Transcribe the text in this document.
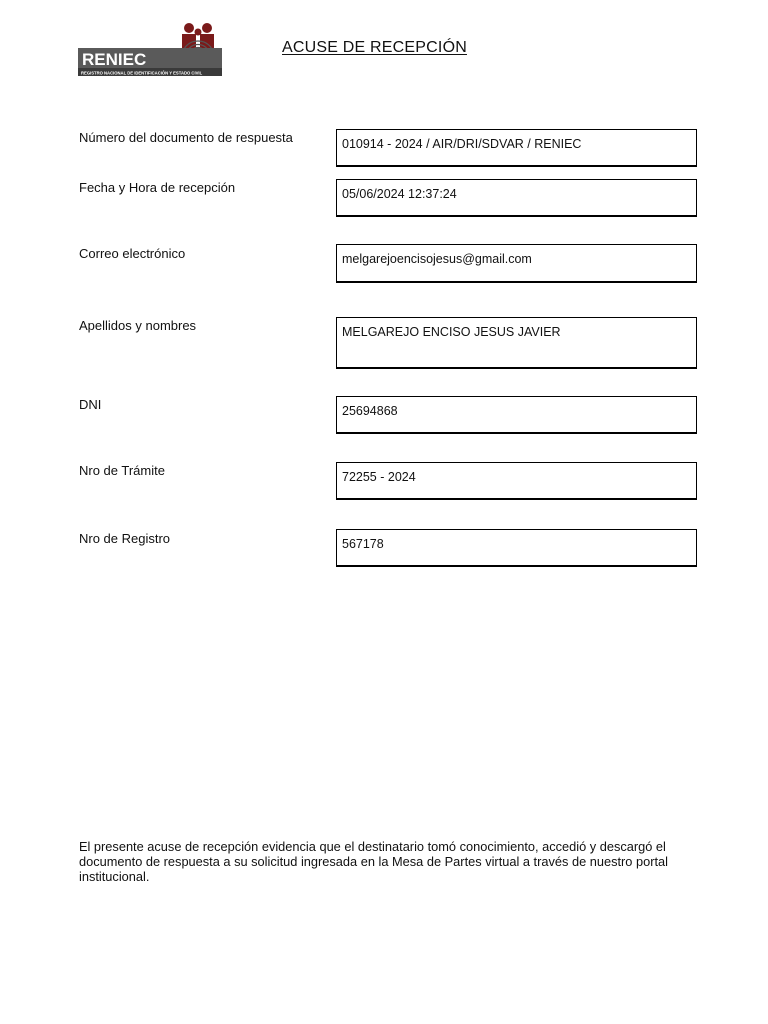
RENIEC
REGISTRO NACIONAL DE IDENTIFICACIÓN Y ESTADO CIVIL
ACUSE DE RECEPCIÓN
Número del documento de respuesta	010914 - 2024 / AIR/DRI/SDVAR / RENIEC
Fecha y Hora de recepción	05/06/2024 12:37:24
Correo electrónico	melgarejoencisojesus@gmail.com
Apellidos y nombres	MELGAREJO ENCISO JESUS JAVIER
DNI	25694868
Nro de Trámite	72255 - 2024
Nro de Registro	567178
El presente acuse de recepción evidencia que el destinatario tomó conocimiento, accedió y descargó el documento de respuesta a su solicitud ingresada en la Mesa de Partes virtual a través de nuestro portal institucional.
